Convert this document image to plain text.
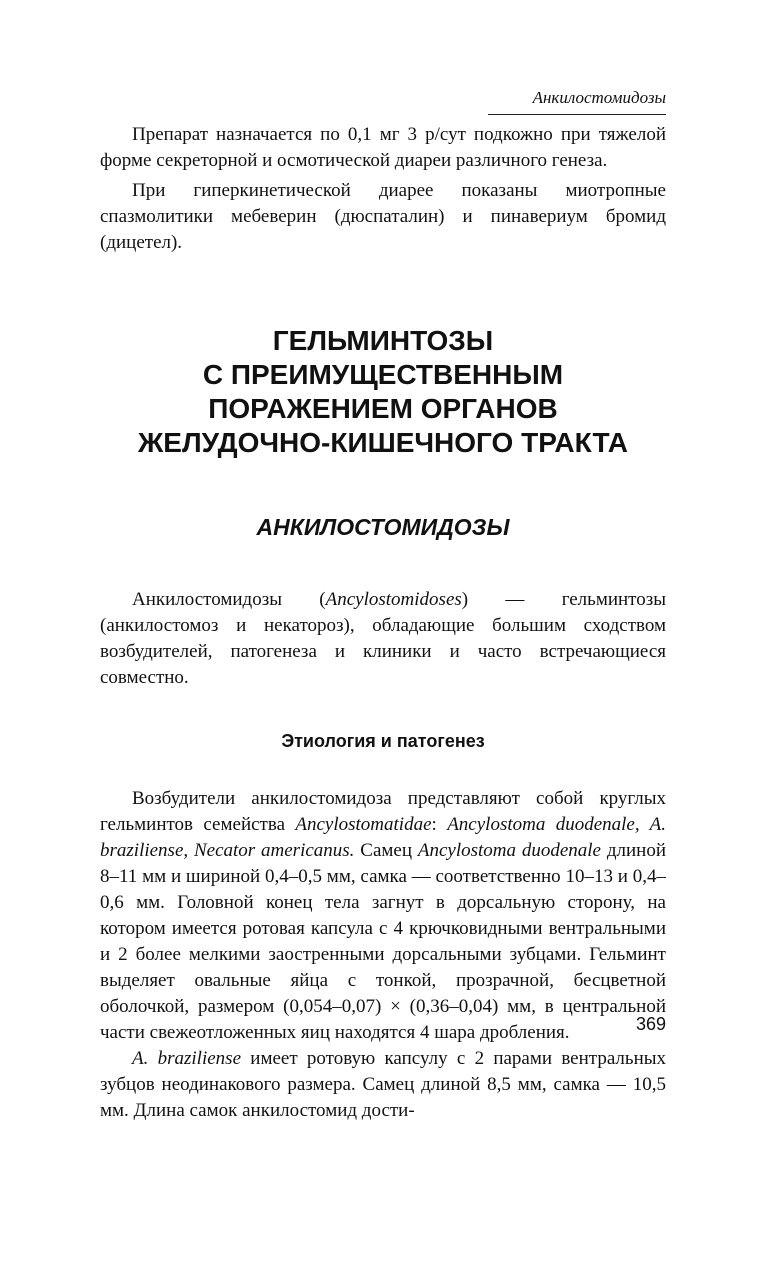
Анкилостомидозы

Препарат назначается по 0,1 мг 3 р/сут подкожно при тяжелой форме секреторной и осмотической диареи различного генеза.

При гиперкинетической диарее показаны миотропные спазмолитики мебеверин (дюспаталин) и пинавериум бромид (дицетел).

ГЕЛЬМИНТОЗЫ
С ПРЕИМУЩЕСТВЕННЫМ
ПОРАЖЕНИЕМ ОРГАНОВ
ЖЕЛУДОЧНО-КИШЕЧНОГО ТРАКТА
АНКИЛОСТОМИДОЗЫ

Анкилостомидозы (Ancylostomidoses) — гельминтозы (анкилостомоз и некатороз), обладающие большим сходством возбудителей, патогенеза и клиники и часто встречающиеся совместно.

Этиология и патогенез

Возбудители анкилостомидоза представляют собой круглых гельминтов семейства Ancylostomatidae: Ancylostoma duodenale, A. braziliense, Necator americanus. Самец Ancylostoma duodenale длиной 8–11 мм и шириной 0,4–0,5 мм, самка — соответственно 10–13 и 0,4–0,6 мм. Головной конец тела загнут в дорсальную сторону, на котором имеется ротовая капсула с 4 крючковидными вентральными и 2 более мелкими заостренными дорсальными зубцами. Гельминт выделяет овальные яйца с тонкой, прозрачной, бесцветной оболочкой, размером (0,054–0,07) × (0,36–0,04) мм, в центральной части свежеотложенных яиц находятся 4 шара дробления.

A. braziliense имеет ротовую капсулу с 2 парами вентральных зубцов неодинакового размера. Самец длиной 8,5 мм, самка — 10,5 мм. Длина самок анкилостомид дости-

369
